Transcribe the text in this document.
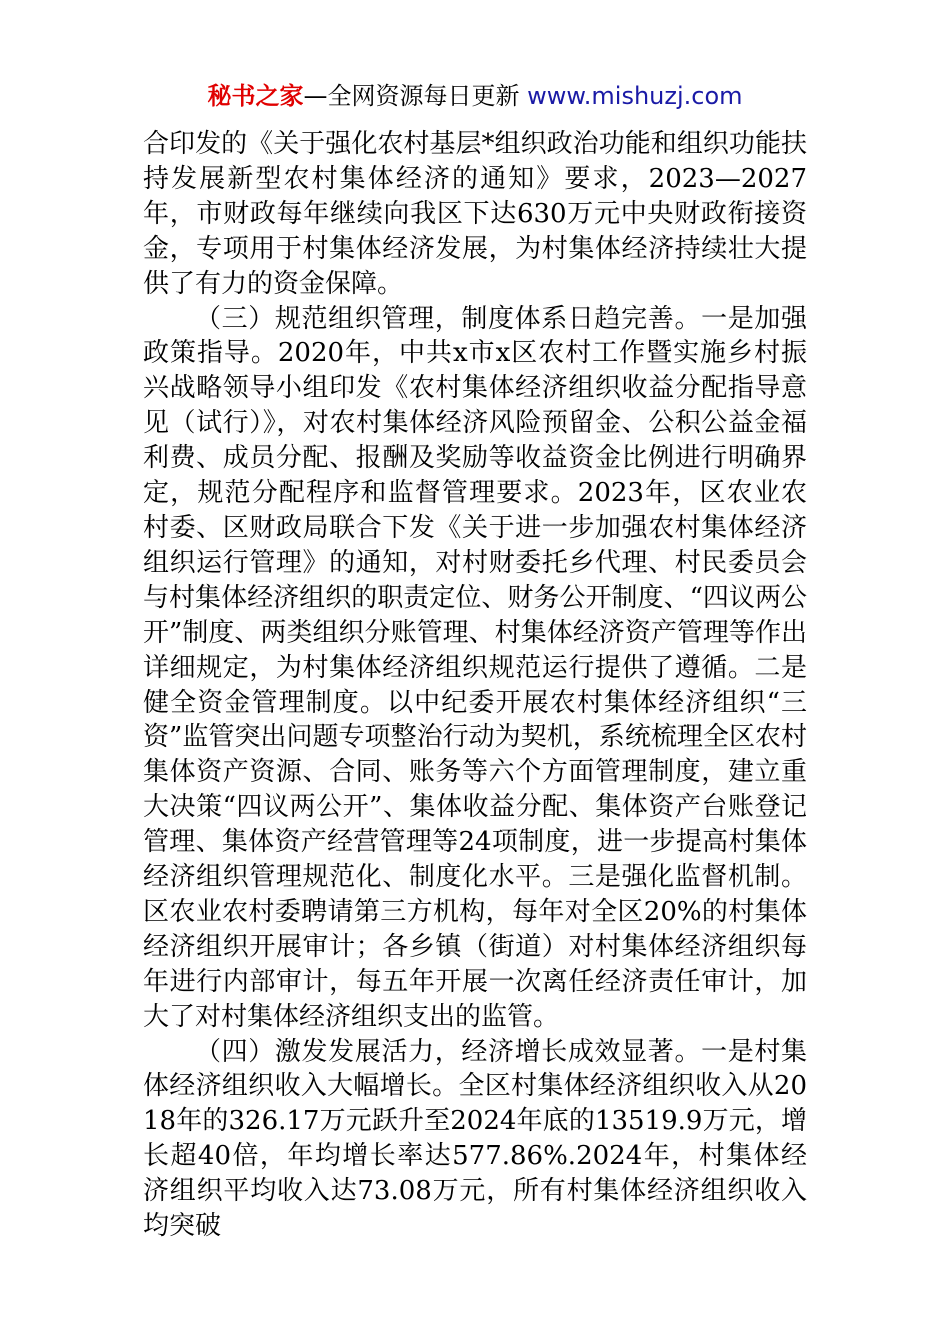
秘书之家—全网资源每日更新 www.mishuzj.com

合印发的《关于强化农村基层*组织政治功能和组织功能扶持发展新型农村集体经济的通知》要求，2023—2027年，市财政每年继续向我区下达630万元中央财政衔接资金，专项用于村集体经济发展，为村集体经济持续壮大提供了有力的资金保障。

（三）规范组织管理，制度体系日趋完善。一是加强政策指导。2020年，中共x市x区农村工作暨实施乡村振兴战略领导小组印发《农村集体经济组织收益分配指导意见（试行）》，对农村集体经济风险预留金、公积公益金福利费、成员分配、报酬及奖励等收益资金比例进行明确界定，规范分配程序和监督管理要求。2023年，区农业农村委、区财政局联合下发《关于进一步加强农村集体经济组织运行管理》的通知，对村财委托乡代理、村民委员会与村集体经济组织的职责定位、财务公开制度、“四议两公开”制度、两类组织分账管理、村集体经济资产管理等作出详细规定，为村集体经济组织规范运行提供了遵循。二是健全资金管理制度。以中纪委开展农村集体经济组织“三资”监管突出问题专项整治行动为契机，系统梳理全区农村集体资产资源、合同、账务等六个方面管理制度，建立重大决策“四议两公开”、集体收益分配、集体资产台账登记管理、集体资产经营管理等24项制度，进一步提高村集体经济组织管理规范化、制度化水平。三是强化监督机制。区农业农村委聘请第三方机构，每年对全区20%的村集体经济组织开展审计；各乡镇（街道）对村集体经济组织每年进行内部审计，每五年开展一次离任经济责任审计，加大了对村集体经济组织支出的监管。

（四）激发发展活力，经济增长成效显著。一是村集体经济组织收入大幅增长。全区村集体经济组织收入从2018年的326.17万元跃升至2024年底的13519.9万元，增长超40倍，年均增长率达577.86%.2024年，村集体经济组织平均收入达73.08万元，所有村集体经济组织收入均突破
